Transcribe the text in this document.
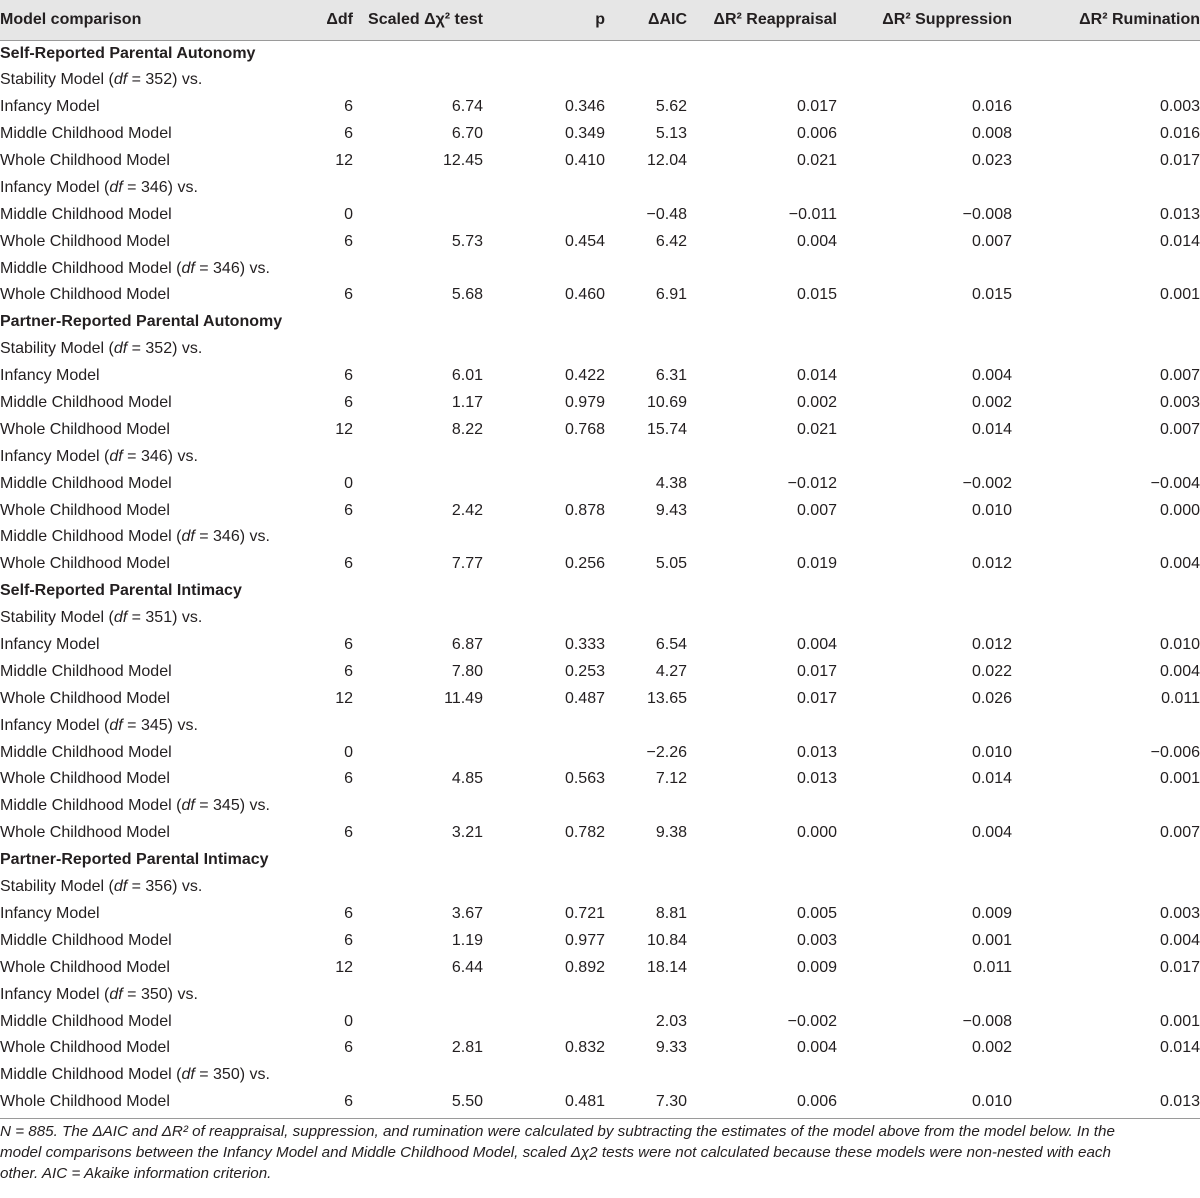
Model comparison	Δdf	Scaled Δχ² test	p	ΔAIC	ΔR² Reappraisal	ΔR² Suppression	ΔR² Rumination
Self-Reported Parental Autonomy							
Stability Model (df = 352) vs.							
Infancy Model	6	6.74	0.346	5.62	0.017	0.016	0.003
Middle Childhood Model	6	6.70	0.349	5.13	0.006	0.008	0.016
Whole Childhood Model	12	12.45	0.410	12.04	0.021	0.023	0.017
Infancy Model (df = 346) vs.							
Middle Childhood Model	0			−0.48	−0.011	−0.008	0.013
Whole Childhood Model	6	5.73	0.454	6.42	0.004	0.007	0.014
Middle Childhood Model (df = 346) vs.							
Whole Childhood Model	6	5.68	0.460	6.91	0.015	0.015	0.001
Partner-Reported Parental Autonomy							
Stability Model (df = 352) vs.							
Infancy Model	6	6.01	0.422	6.31	0.014	0.004	0.007
Middle Childhood Model	6	1.17	0.979	10.69	0.002	0.002	0.003
Whole Childhood Model	12	8.22	0.768	15.74	0.021	0.014	0.007
Infancy Model (df = 346) vs.							
Middle Childhood Model	0			4.38	−0.012	−0.002	−0.004
Whole Childhood Model	6	2.42	0.878	9.43	0.007	0.010	0.000
Middle Childhood Model (df = 346) vs.							
Whole Childhood Model	6	7.77	0.256	5.05	0.019	0.012	0.004
Self-Reported Parental Intimacy							
Stability Model (df = 351) vs.							
Infancy Model	6	6.87	0.333	6.54	0.004	0.012	0.010
Middle Childhood Model	6	7.80	0.253	4.27	0.017	0.022	0.004
Whole Childhood Model	12	11.49	0.487	13.65	0.017	0.026	0.011
Infancy Model (df = 345) vs.							
Middle Childhood Model	0			−2.26	0.013	0.010	−0.006
Whole Childhood Model	6	4.85	0.563	7.12	0.013	0.014	0.001
Middle Childhood Model (df = 345) vs.							
Whole Childhood Model	6	3.21	0.782	9.38	0.000	0.004	0.007
Partner-Reported Parental Intimacy							
Stability Model (df = 356) vs.							
Infancy Model	6	3.67	0.721	8.81	0.005	0.009	0.003
Middle Childhood Model	6	1.19	0.977	10.84	0.003	0.001	0.004
Whole Childhood Model	12	6.44	0.892	18.14	0.009	0.011	0.017
Infancy Model (df = 350) vs.							
Middle Childhood Model	0			2.03	−0.002	−0.008	0.001
Whole Childhood Model	6	2.81	0.832	9.33	0.004	0.002	0.014
Middle Childhood Model (df = 350) vs.							
Whole Childhood Model	6	5.50	0.481	7.30	0.006	0.010	0.013
N = 885. The ΔAIC and ΔR² of reappraisal, suppression, and rumination were calculated by subtracting the estimates of the model above from the model below. In the
model comparisons between the Infancy Model and Middle Childhood Model, scaled Δχ2 tests were not calculated because these models were non-nested with each
other. AIC = Akaike information criterion.
